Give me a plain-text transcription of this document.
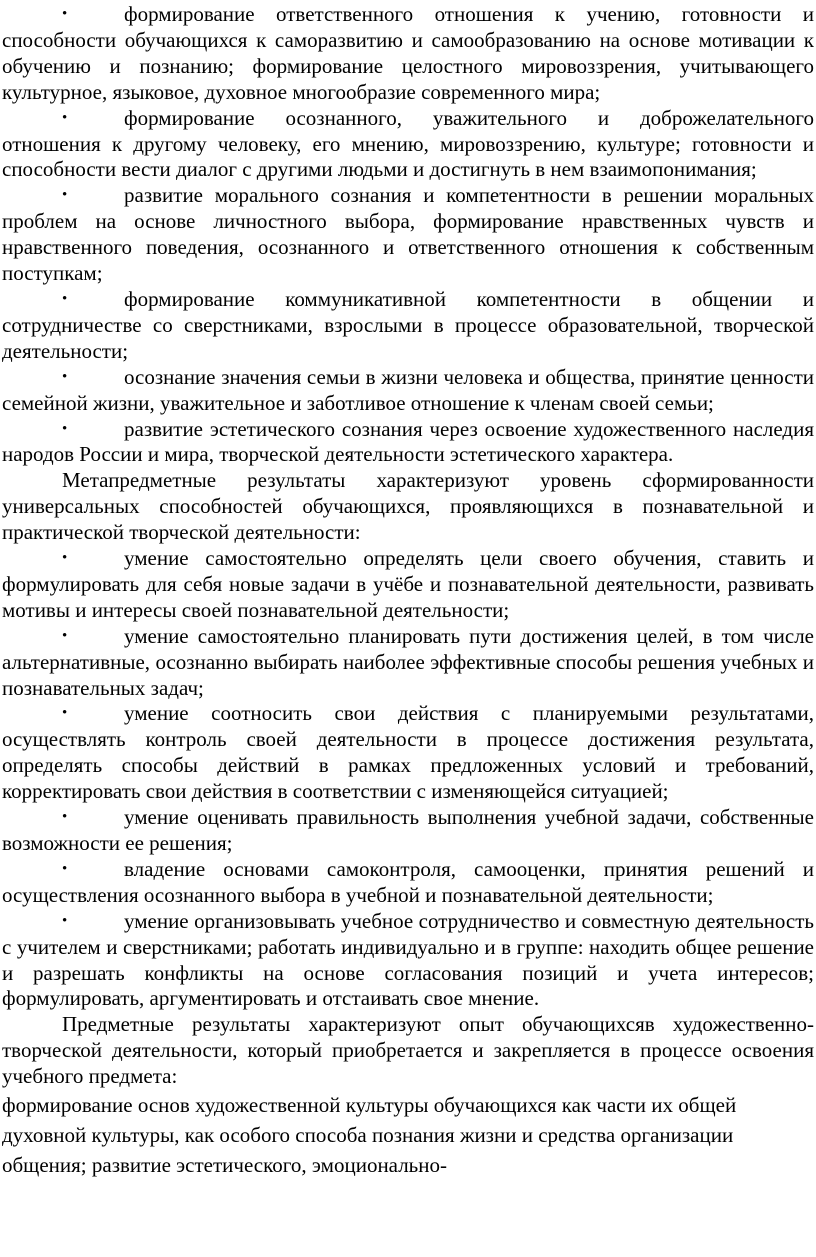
•	формирование ответственного отношения к учению, готовности и способности обучающихся к саморазвитию и самообразованию на основе мотивации к обучению и познанию; формирование целостного мировоззрения, учитывающего культурное, языковое, духовное многообразие современного мира;

•	формирование осознанного, уважительного и доброжелательного отношения к другому человеку, его мнению, мировоззрению, культуре; готовности и способности вести диалог с другими людьми и достигнуть в нем взаимопонимания;

•	развитие морального сознания и компетентности в решении моральных проблем на основе личностного выбора, формирование нравственных чувств и нравственного поведения, осознанного и ответственного отношения к собственным поступкам;

•	формирование коммуникативной компетентности в общении и сотрудничестве со сверстниками, взрослыми в процессе образовательной, творческой деятельности;

•	осознание значения семьи в жизни человека и общества, принятие ценности семейной жизни, уважительное и заботливое отношение к членам своей семьи;

•	развитие эстетического сознания через освоение художественного наследия народов России и мира, творческой деятельности эстетического характера.

Метапредметные результаты характеризуют уровень сформированности универсальных способностей обучающихся, проявляющихся в познавательной и практической творческой деятельности:

•	умение самостоятельно определять цели своего обучения, ставить и формулировать для себя новые задачи в учёбе и познавательной деятельности, развивать мотивы и интересы своей познавательной деятельности;

•	умение самостоятельно планировать пути достижения целей, в том числе альтернативные, осознанно выбирать наиболее эффективные способы решения учебных и познавательных задач;

•	умение соотносить свои действия с планируемыми результатами, осуществлять контроль своей деятельности в процессе достижения результата, определять способы действий в рамках предложенных условий и требований, корректировать свои действия в соответствии с изменяющейся ситуацией;

•	умение оценивать правильность выполнения учебной задачи, собственные возможности ее решения;

•	владение основами самоконтроля, самооценки, принятия решений и осуществления осознанного выбора в учебной и познавательной деятельности;

•	умение организовывать учебное сотрудничество и совместную деятельность с учителем и сверстниками; работать индивидуально и в группе: находить общее решение и разрешать конфликты на основе согласования позиций и учета интересов; формулировать, аргументировать и отстаивать свое мнение.

Предметные результаты характеризуют опыт обучающихсяв художественно-творческой деятельности, который приобретается и закрепляется в процессе освоения учебного предмета:

формирование основ художественной культуры обучающихся как части их общей духовной культуры, как особого способа познания жизни и средства организации общения; развитие эстетического, эмоционально-
